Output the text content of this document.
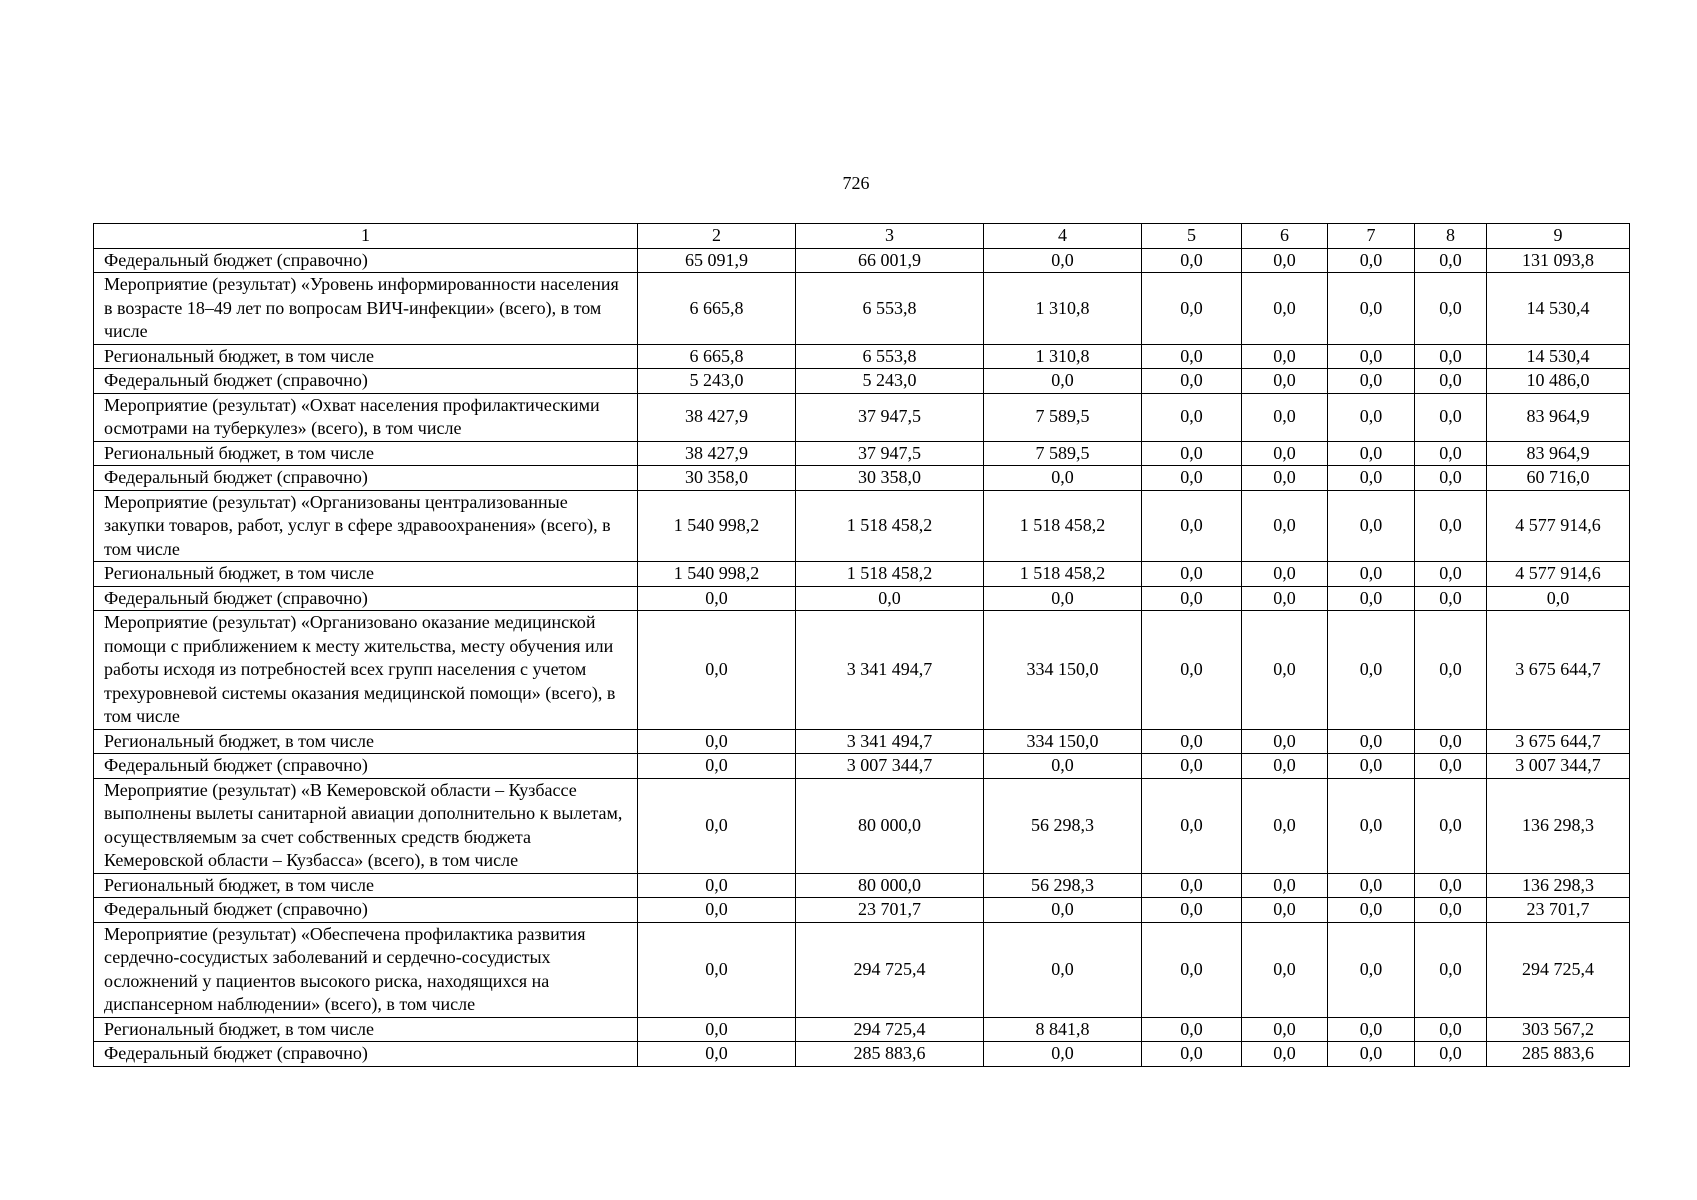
726
1	2	3	4	5	6	7	8	9
Федеральный бюджет (справочно)	65 091,9	66 001,9	0,0	0,0	0,0	0,0	0,0	131 093,8
Мероприятие (результат) «Уровень информированности населения в возрасте 18–49 лет по вопросам ВИЧ-инфекции» (всего), в том числе	6 665,8	6 553,8	1 310,8	0,0	0,0	0,0	0,0	14 530,4
Региональный бюджет, в том числе	6 665,8	6 553,8	1 310,8	0,0	0,0	0,0	0,0	14 530,4
Федеральный бюджет (справочно)	5 243,0	5 243,0	0,0	0,0	0,0	0,0	0,0	10 486,0
Мероприятие (результат) «Охват населения профилактическими осмотрами на туберкулез» (всего), в том числе	38 427,9	37 947,5	7 589,5	0,0	0,0	0,0	0,0	83 964,9
Региональный бюджет, в том числе	38 427,9	37 947,5	7 589,5	0,0	0,0	0,0	0,0	83 964,9
Федеральный бюджет (справочно)	30 358,0	30 358,0	0,0	0,0	0,0	0,0	0,0	60 716,0
Мероприятие (результат) «Организованы централизованные закупки товаров, работ, услуг в сфере здравоохранения» (всего), в том числе	1 540 998,2	1 518 458,2	1 518 458,2	0,0	0,0	0,0	0,0	4 577 914,6
Региональный бюджет, в том числе	1 540 998,2	1 518 458,2	1 518 458,2	0,0	0,0	0,0	0,0	4 577 914,6
Федеральный бюджет (справочно)	0,0	0,0	0,0	0,0	0,0	0,0	0,0	0,0
Мероприятие (результат) «Организовано оказание медицинской помощи с приближением к месту жительства, месту обучения или работы исходя из потребностей всех групп населения с учетом трехуровневой системы оказания медицинской помощи» (всего), в том числе	0,0	3 341 494,7	334 150,0	0,0	0,0	0,0	0,0	3 675 644,7
Региональный бюджет, в том числе	0,0	3 341 494,7	334 150,0	0,0	0,0	0,0	0,0	3 675 644,7
Федеральный бюджет (справочно)	0,0	3 007 344,7	0,0	0,0	0,0	0,0	0,0	3 007 344,7
Мероприятие (результат) «В Кемеровской области – Кузбассе выполнены вылеты санитарной авиации дополнительно к вылетам, осуществляемым за счет собственных средств бюджета Кемеровской области – Кузбасса» (всего), в том числе	0,0	80 000,0	56 298,3	0,0	0,0	0,0	0,0	136 298,3
Региональный бюджет, в том числе	0,0	80 000,0	56 298,3	0,0	0,0	0,0	0,0	136 298,3
Федеральный бюджет (справочно)	0,0	23 701,7	0,0	0,0	0,0	0,0	0,0	23 701,7
Мероприятие (результат) «Обеспечена профилактика развития сердечно-сосудистых заболеваний и сердечно-сосудистых осложнений у пациентов высокого риска, находящихся на диспансерном наблюдении» (всего), в том числе	0,0	294 725,4	0,0	0,0	0,0	0,0	0,0	294 725,4
Региональный бюджет, в том числе	0,0	294 725,4	8 841,8	0,0	0,0	0,0	0,0	303 567,2
Федеральный бюджет (справочно)	0,0	285 883,6	0,0	0,0	0,0	0,0	0,0	285 883,6
